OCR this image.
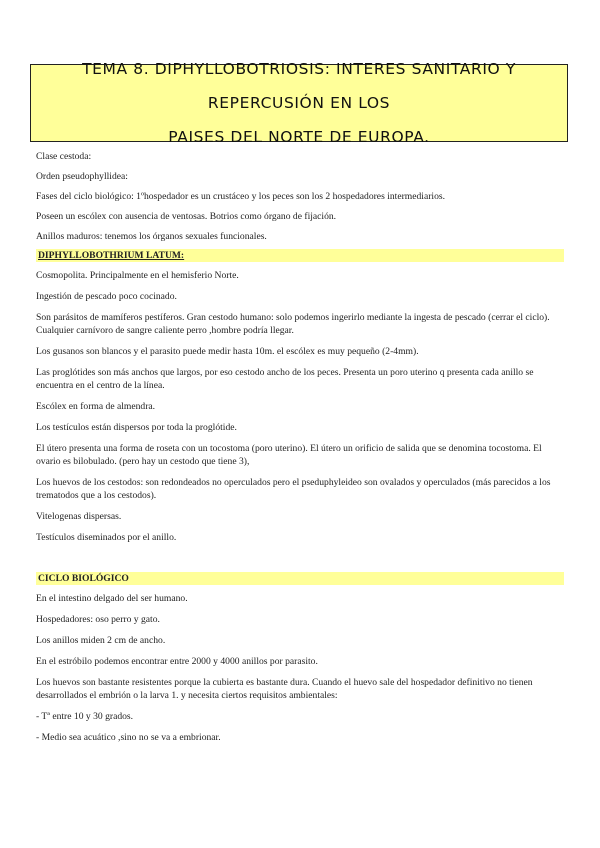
TEMA 8. DIPHYLLOBOTRIOSIS: INTERES SANITARIO Y REPERCUSIÓN EN LOS
PAISES DEL NORTE DE EUROPA.

Clase cestoda:

Orden pseudophyllidea:

Fases del ciclo biológico: 1ºhospedador es un crustáceo y los peces son los 2 hospedadores intermediarios.

Poseen un escólex con ausencia de ventosas. Botrios como órgano de fijación.

Anillos maduros: tenemos los órganos sexuales funcionales.

DIPHYLLOBOTHRIUM LATUM:

Cosmopolita. Principalmente en el hemisferio Norte.

Ingestión de pescado poco cocinado.

Son parásitos de mamíferos pestíferos. Gran cestodo humano: solo podemos ingerirlo mediante la ingesta de pescado (cerrar el ciclo). Cualquier carnívoro de sangre caliente perro ,hombre podría llegar.

Los gusanos son blancos y el parasito puede medir hasta 10m. el escólex es muy pequeño (2-4mm).

Las proglótides son más anchos que largos, por eso cestodo ancho de los peces. Presenta un poro uterino q presenta cada anillo se encuentra en el centro de la línea.

Escólex en forma de almendra.

Los testículos están dispersos por toda la proglótide.

El útero presenta una forma de roseta con un tocostoma (poro uterino). El útero un orificio de salida que se denomina tocostoma. El ovario es bilobulado. (pero hay un cestodo que tiene 3),

Los huevos de los cestodos: son redondeados no operculados pero el pseduphyleideo son ovalados y operculados (más parecidos a los trematodos que a los cestodos).

Vitelogenas dispersas.

Testículos diseminados por el anillo.

CICLO BIOLÓGICO

En el intestino delgado del ser humano.

Hospedadores: oso perro y gato.

Los anillos miden 2 cm de ancho.

En el estróbilo podemos encontrar entre 2000 y 4000 anillos por parasito.

Los huevos son bastante resistentes porque la cubierta es bastante dura. Cuando el huevo sale del hospedador definitivo no tienen desarrollados el embrión o la larva 1. y necesita ciertos requisitos ambientales:

- Tª entre 10 y 30 grados.

- Medio sea acuático ,sino no se va a embrionar.
